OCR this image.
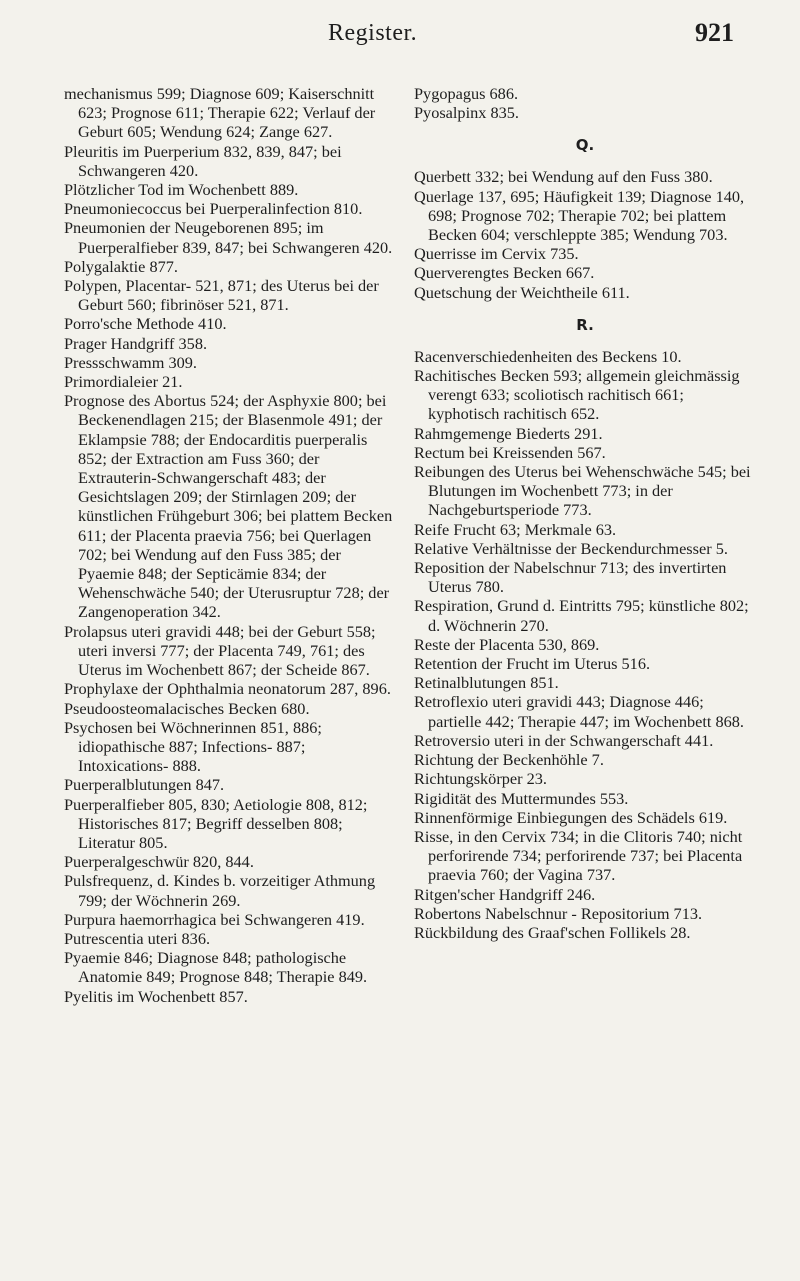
Register.	921

mechanismus 599; Diagnose 609; Kaiserschnitt 623; Prognose 611; Therapie 622; Verlauf der Geburt 605; Wendung 624; Zange 627.

Pleuritis im Puerperium 832, 839, 847; bei Schwangeren 420.

Plötzlicher Tod im Wochenbett 889.

Pneumoniecoccus bei Puerperalinfection 810.

Pneumonien der Neugeborenen 895; im Puerperalfieber 839, 847; bei Schwangeren 420.

Polygalaktie 877.

Polypen, Placentar- 521, 871; des Uterus bei der Geburt 560; fibrinöser 521, 871.

Porro'sche Methode 410.

Prager Handgriff 358.

Pressschwamm 309.

Primordialeier 21.

Prognose des Abortus 524; der Asphyxie 800; bei Beckenendlagen 215; der Blasenmole 491; der Eklampsie 788; der Endocarditis puerperalis 852; der Extraction am Fuss 360; der Extrauterin-Schwangerschaft 483; der Gesichtslagen 209; der Stirnlagen 209; der künstlichen Frühgeburt 306; bei plattem Becken 611; der Placenta praevia 756; bei Querlagen 702; bei Wendung auf den Fuss 385; der Pyaemie 848; der Septicämie 834; der Wehenschwäche 540; der Uterusruptur 728; der Zangenoperation 342.

Prolapsus uteri gravidi 448; bei der Geburt 558; uteri inversi 777; der Placenta 749, 761; des Uterus im Wochenbett 867; der Scheide 867.

Prophylaxe der Ophthalmia neonatorum 287, 896.

Pseudoosteomalacisches Becken 680.

Psychosen bei Wöchnerinnen 851, 886; idiopathische 887; Infections- 887; Intoxications- 888.

Puerperalblutungen 847.

Puerperalfieber 805, 830; Aetiologie 808, 812; Historisches 817; Begriff desselben 808; Literatur 805.

Puerperalgeschwür 820, 844.

Pulsfrequenz, d. Kindes b. vorzeitiger Athmung 799; der Wöchnerin 269.

Purpura haemorrhagica bei Schwangeren 419.

Putrescentia uteri 836.

Pyaemie 846; Diagnose 848; pathologische Anatomie 849; Prognose 848; Therapie 849.

Pyelitis im Wochenbett 857.

Pygopagus 686.

Pyosalpinx 835.

Q.

Querbett 332; bei Wendung auf den Fuss 380.

Querlage 137, 695; Häufigkeit 139; Diagnose 140, 698; Prognose 702; Therapie 702; bei plattem Becken 604; verschleppte 385; Wendung 703.

Querrisse im Cervix 735.

Querverengtes Becken 667.

Quetschung der Weichtheile 611.

R.

Racenverschiedenheiten des Beckens 10.

Rachitisches Becken 593; allgemein gleichmässig verengt 633; scoliotisch rachitisch 661; kyphotisch rachitisch 652.

Rahmgemenge Biederts 291.

Rectum bei Kreissenden 567.

Reibungen des Uterus bei Wehenschwäche 545; bei Blutungen im Wochenbett 773; in der Nachgeburtsperiode 773.

Reife Frucht 63; Merkmale 63.

Relative Verhältnisse der Beckendurchmesser 5.

Reposition der Nabelschnur 713; des invertirten Uterus 780.

Respiration, Grund d. Eintritts 795; künstliche 802; d. Wöchnerin 270.

Reste der Placenta 530, 869.

Retention der Frucht im Uterus 516.

Retinalblutungen 851.

Retroflexio uteri gravidi 443; Diagnose 446; partielle 442; Therapie 447; im Wochenbett 868.

Retroversio uteri in der Schwangerschaft 441.

Richtung der Beckenhöhle 7.

Richtungskörper 23.

Rigidität des Muttermundes 553.

Rinnenförmige Einbiegungen des Schädels 619.

Risse, in den Cervix 734; in die Clitoris 740; nicht perforirende 734; perforirende 737; bei Placenta praevia 760; der Vagina 737.

Ritgen'scher Handgriff 246.

Robertons Nabelschnur - Repositorium 713.

Rückbildung des Graaf'schen Follikels 28.
